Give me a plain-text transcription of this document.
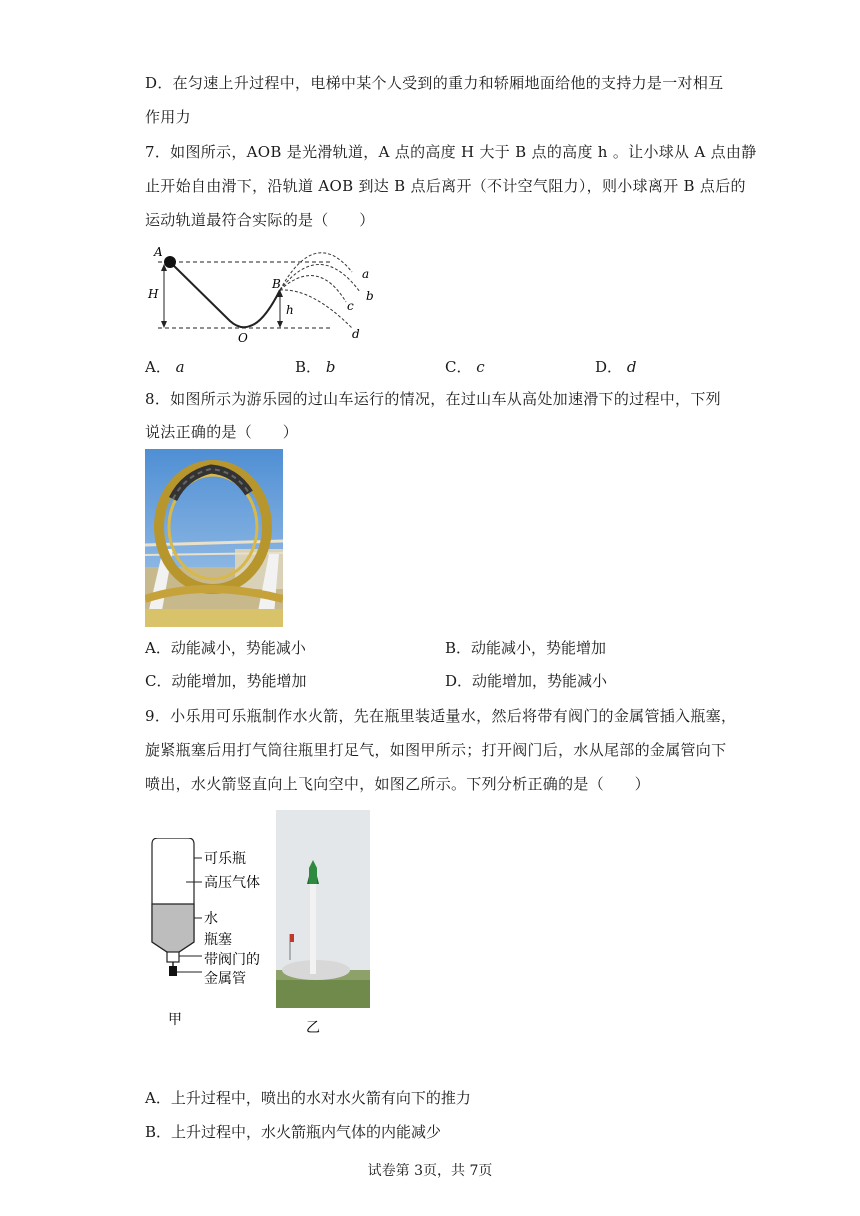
D．在匀速上升过程中，电梯中某个人受到的重力和轿厢地面给他的支持力是一对相互
作用力
7．如图所示，AOB 是光滑轨道，A 点的高度 H 大于 B 点的高度 h 。让小球从 A 点由静
止开始自由滑下，沿轨道 AOB 到达 B 点后离开（不计空气阻力），则小球离开 B 点后的
运动轨道最符合实际的是（　　）
A
H
O
B
h
a
b
c
d
A． a	B． b	C． c	D． d
8．如图所示为游乐园的过山车运行的情况，在过山车从高处加速滑下的过程中，下列
说法正确的是（　　）
A．动能减小，势能减小	B．动能减小，势能增加
C．动能增加，势能增加	D．动能增加，势能减小
9．小乐用可乐瓶制作水火箭，先在瓶里装适量水，然后将带有阀门的金属管插入瓶塞，
旋紧瓶塞后用打气筒往瓶里打足气，如图甲所示；打开阀门后，水从尾部的金属管向下
喷出，水火箭竖直向上飞向空中，如图乙所示。下列分析正确的是（　　）
可乐瓶
高压气体
水
瓶塞
带阀门的
金属管
甲	乙
A．上升过程中，喷出的水对水火箭有向下的推力
B．上升过程中，水火箭瓶内气体的内能减少
试卷第 3页，共 7页
